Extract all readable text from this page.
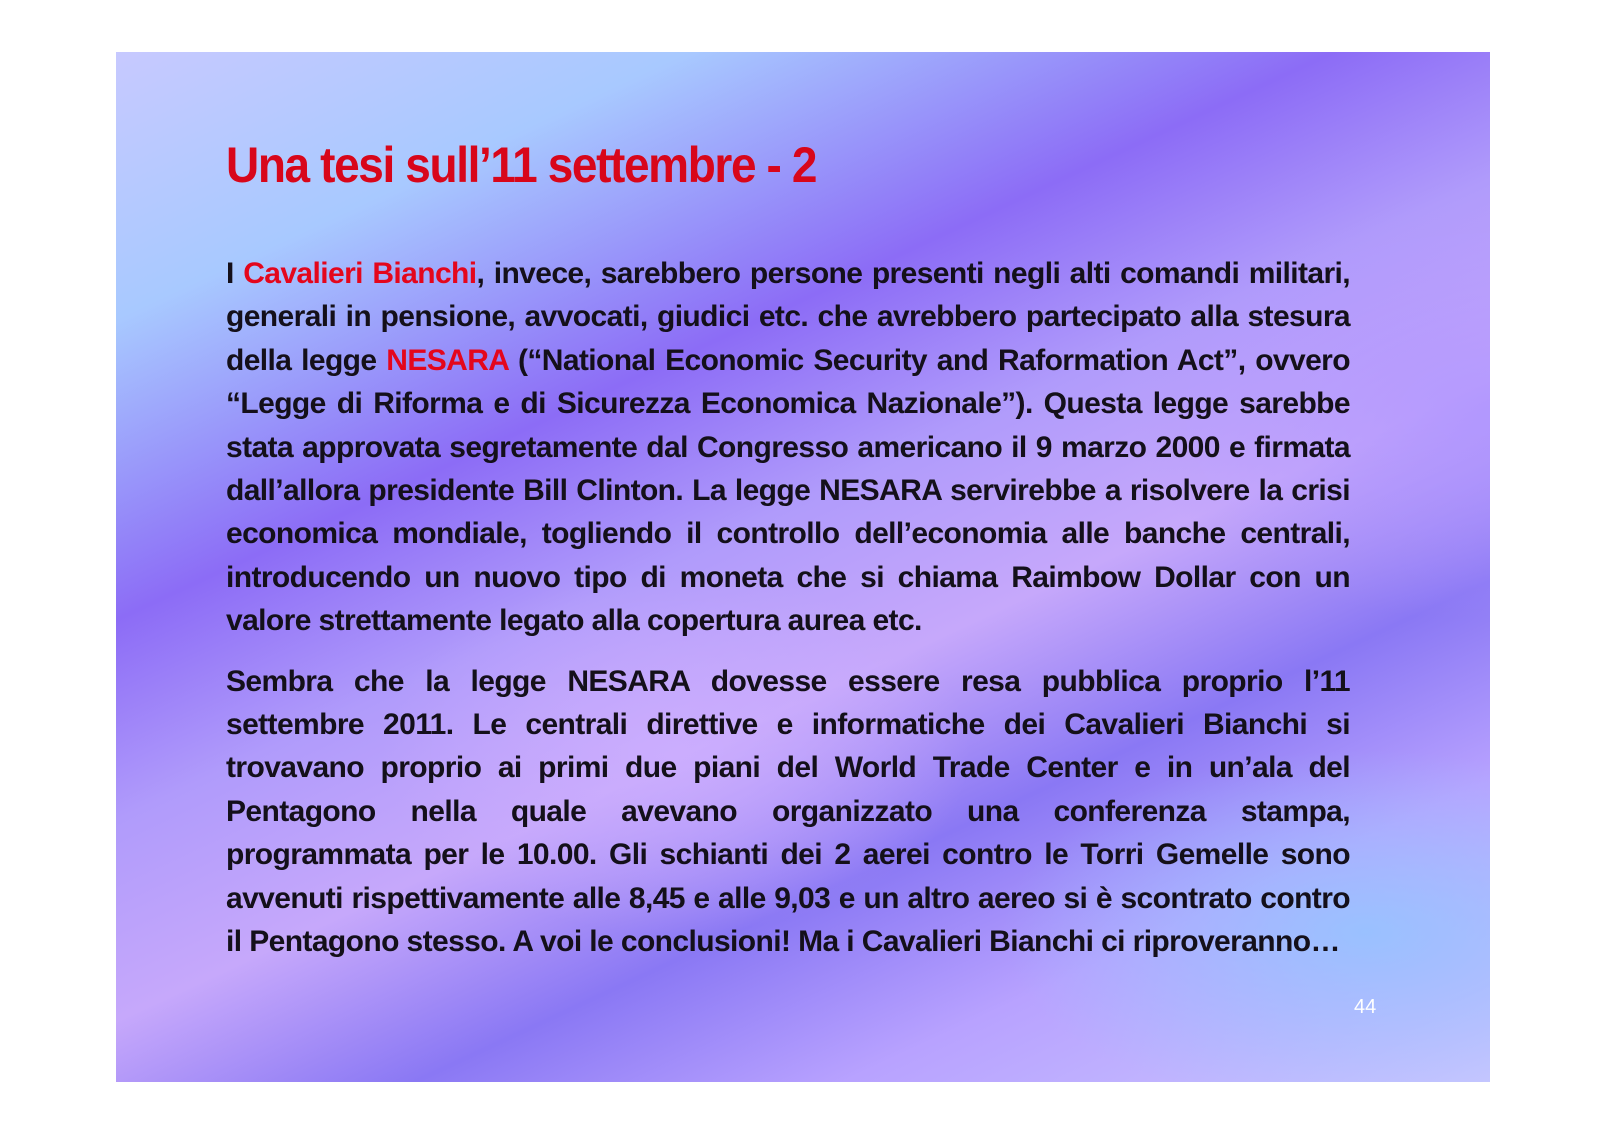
Una tesi sull’11 settembre - 2

I Cavalieri Bianchi, invece, sarebbero persone presenti negli alti comandi militari, generali in pensione, avvocati, giudici etc. che avrebbero partecipato alla stesura della legge NESARA (“National Economic Security and Raformation Act”, ovvero “Legge di Riforma e di Sicurezza Economica Nazionale”). Questa legge sarebbe stata approvata segretamente dal Congresso americano il 9 marzo 2000 e firmata dall’allora presidente Bill Clinton. La legge NESARA servirebbe a risolvere la crisi economica mondiale, togliendo il controllo dell’economia alle banche centrali, introducendo un nuovo tipo di moneta che si chiama Raimbow Dollar con un valore strettamente legato alla copertura aurea etc.

Sembra che la legge NESARA dovesse essere resa pubblica proprio l’11 settembre 2011. Le centrali direttive e informatiche dei Cavalieri Bianchi si trovavano proprio ai primi due piani del World Trade Center e in un’ala del Pentagono nella quale avevano organizzato una conferenza stampa, programmata per le 10.00. Gli schianti dei 2 aerei contro le Torri Gemelle sono avvenuti rispettivamente alle 8,45 e alle 9,03 e un altro aereo si è scontrato contro il Pentagono stesso. A voi le conclusioni! Ma i Cavalieri Bianchi ci riproveranno…

44
